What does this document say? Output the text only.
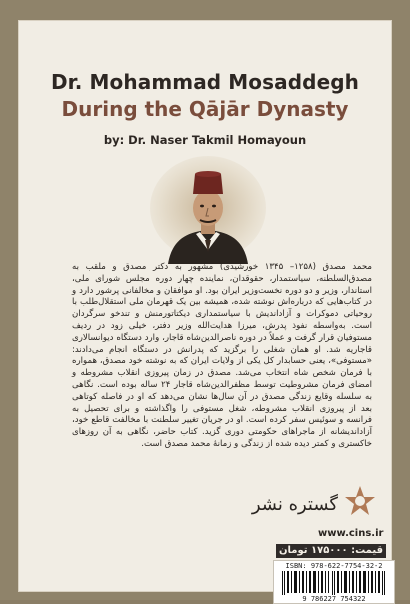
Dr. Mohammad Mosaddegh
During the Qājār Dynasty
by: Dr. Naser Takmil Homayoun
محمد مصدق (۱۲۵۸– ۱۳۴۵ خورشیدی) مشهور به دکتر مصدق و ملقب به مصدق‌السلطنه، سیاستمدار، حقوقدان، نماینده چهار دوره مجلس شورای ملی، استاندار، وزیر و دو دوره نخست‌وزیر ایران بود. او موافقان و مخالفانی پرشور دارد و در کتاب‌هایی که درباره‌اش نوشته شده، همیشه بین یک قهرمان ملی استقلال‌طلب با روحیاتی دموکرات و آزاداندیش با سیاستمداری دیکتاتورمنش و تندخو سرگردان است. به‌واسطه نفوذ پدرش، میرزا هدایت‌الله وزیر دفتر، خیلی زود در ردیف مستوفیان قرار گرفت و عملاً در دوره ناصرالدین‌شاه قاجار، وارد دستگاه دیوانسالاری قاجاریه شد. او همان شغلی را برگزید که پدرانش در دستگاه انجام می‌دادند: «مستوفی»، یعنی حسابدار کل یکی از ولایات ایران که به نوشته خود مصدق، همواره با فرمان شخص شاه انتخاب می‌شد. مصدق در زمان پیروزی انقلاب مشروطه و امضای فرمان مشروطیت توسط مظفرالدین‌شاه قاجار ۲۴ ساله بوده است. نگاهی به سلسله وقایع زندگی مصدق در آن سال‌ها نشان می‌دهد که او در فاصله کوتاهی بعد از پیروزی انقلاب مشروطه، شغل مستوفی را واگذاشته و برای تحصیل به فرانسه و سوئیس سفر کرده است. او در جریان تغییر سلطنت با مخالفت قاطع خود، آزاداندیشانه از ماجراهای حکومتی دوری گزید. کتاب حاضر، نگاهی به آن روزهای خاکستری و کمتر دیده شده از زندگی و زمانهٔ محمد مصدق است.
گستره نشر
www.cins.ir
قیمت: ۱۷۵۰۰۰ تومان
ISBN: 978-622-7754-32-2
9 786227 754322
